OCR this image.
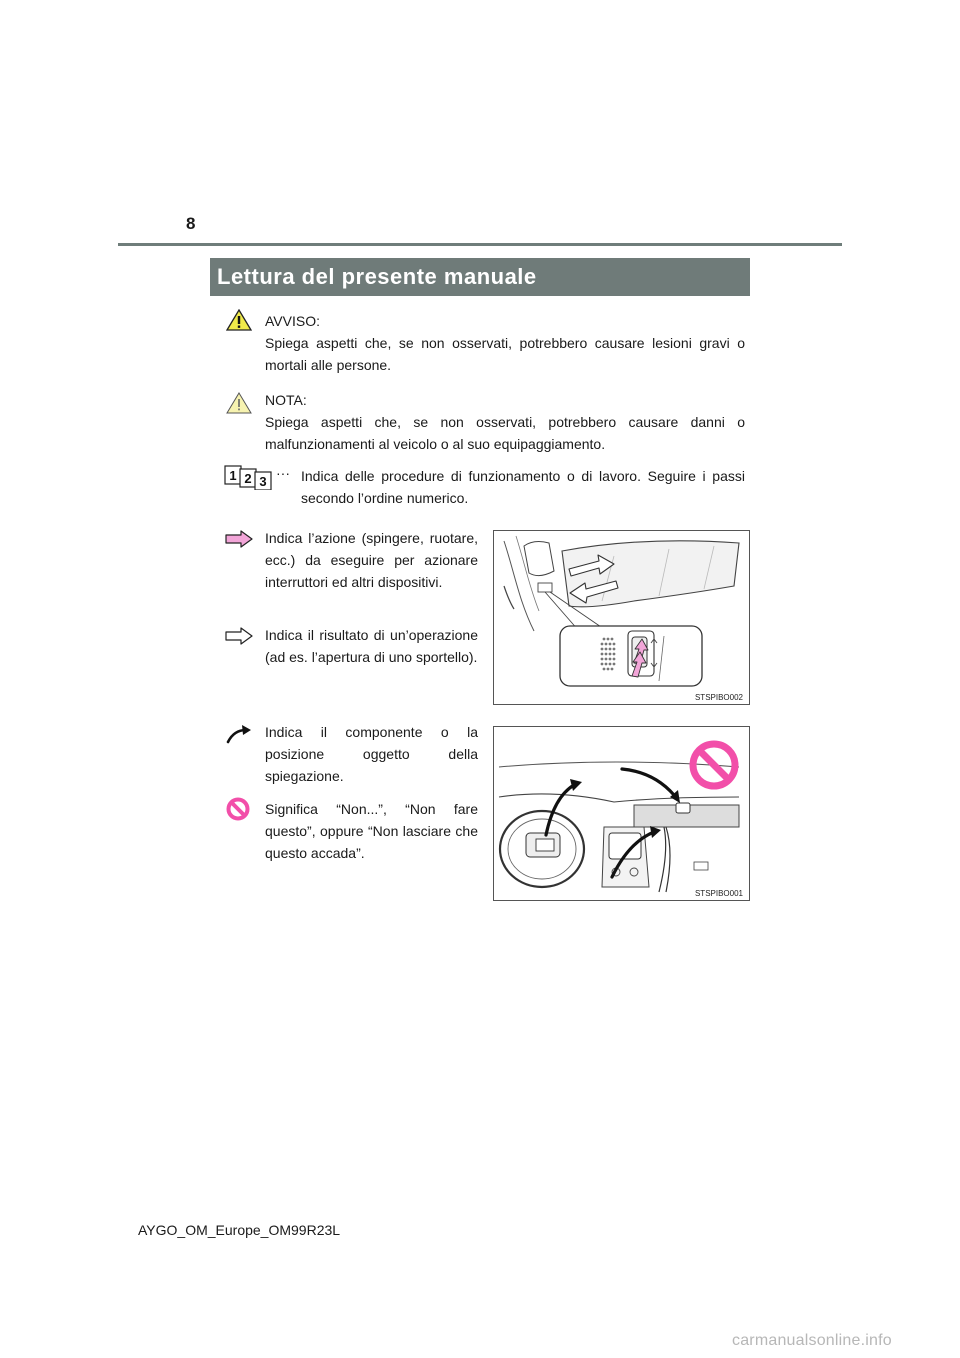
8
Lettura del presente manuale
AVVISO:
Spiega aspetti che, se non osservati, potrebbero causare lesioni gravi o mortali alle persone.
NOTA:
Spiega aspetti che, se non osservati, potrebbero causare danni o malfunzionamenti al veicolo o al suo equipaggiamento.
1 2 3
··· Indica delle procedure di funzionamento o di lavoro. Seguire i passi secondo l’ordine numerico.
Indica l’azione (spingere, ruotare, ecc.) da eseguire per azionare interruttori ed altri dispositivi.
Indica il risultato di un’operazione (ad es. l’apertura di uno sportello).
STSPIBO002
Indica il componente o la posizione oggetto della spiegazione.
Significa “Non...”, “Non fare questo”, oppure “Non lasciare che questo accada”.
STSPIBO001
AYGO_OM_Europe_OM99R23L
carmanualsonline.info
